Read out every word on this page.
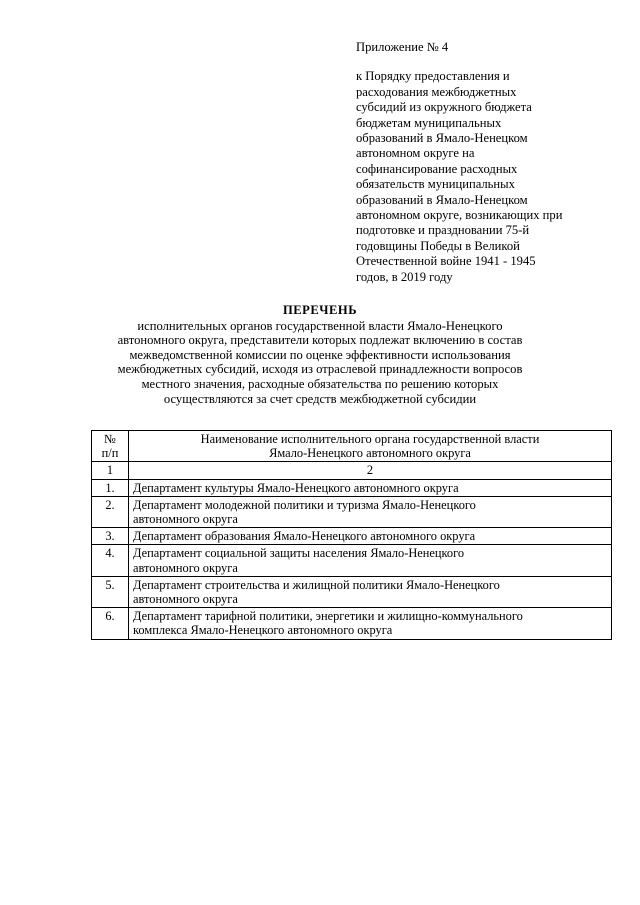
Приложение № 4
к Порядку предоставления и
расходования межбюджетных
субсидий из окружного бюджета
бюджетам муниципальных
образований в Ямало-Ненецком
автономном округе на
софинансирование расходных
обязательств муниципальных
образований в Ямало-Ненецком
автономном округе, возникающих при
подготовке и праздновании 75-й
годовщины Победы в Великой
Отечественной войне 1941 - 1945
годов, в 2019 году
ПЕРЕЧЕНЬ
исполнительных органов государственной власти Ямало-Ненецкого
автономного округа, представители которых подлежат включению в состав
межведомственной комиссии по оценке эффективности использования
межбюджетных субсидий, исходя из отраслевой принадлежности вопросов
местного значения, расходные обязательства по решению которых
осуществляются за счет средств межбюджетной субсидии
№
п/п	Наименование исполнительного органа государственной власти
Ямало-Ненецкого автономного округа

1	2
1.	Департамент культуры Ямало-Ненецкого автономного округа

2.	Департамент молодежной политики и туризма Ямало-Ненецкого
автономного округа

3.	Департамент образования Ямало-Ненецкого автономного округа

4.	Департамент социальной защиты населения Ямало-Ненецкого
автономного округа

5.	Департамент строительства и жилищной политики Ямало-Ненецкого
автономного округа

6.	Департамент тарифной политики, энергетики и жилищно-коммунального
комплекса Ямало-Ненецкого автономного округа
